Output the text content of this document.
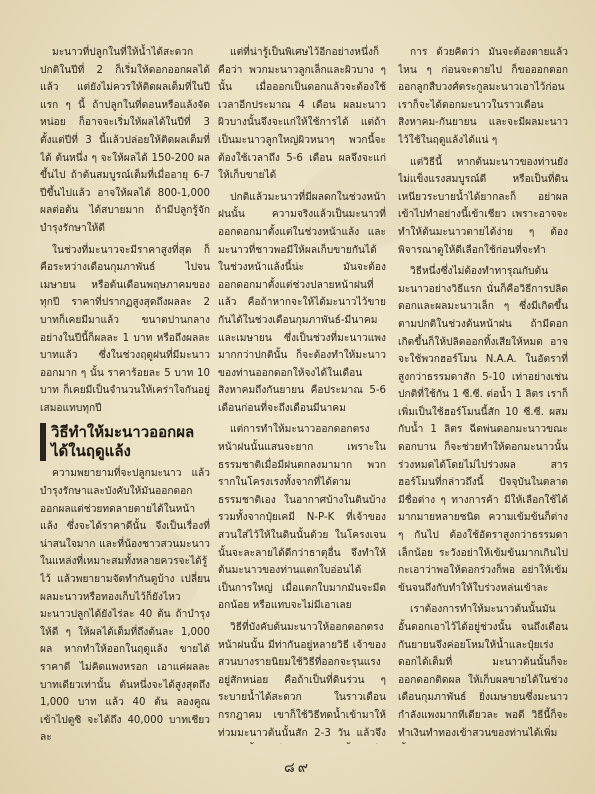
มะนาวที่ปลูกในที่ให้น้ำได้สะดวก ปกติในปีที่ 2 ก็เริ่มให้ดอกออกผลได้แล้ว แต่ยังไม่ควรให้ติดผลเต็มที่ในปีแรก ๆ นี้ ถ้าปลูกในที่ดอนหรือแล้งจัดหน่อย ก็อาจจะเริ่มให้ผลได้ในปีที่ 3 ตั้งแต่ปีที่ 3 นี้แล้วปล่อยให้ติดผลเต็มที่ได้ ต้นหนึ่ง ๆ จะให้ผลได้ 150-200 ผลขึ้นไป ถ้าต้นสมบูรณ์เต็มที่เมื่ออายุ 6-7 ปีขึ้นไปแล้ว อาจให้ผลได้ 800-1,000 ผลต่อต้น ได้สบายมาก ถ้ามีปลูกรู้จักบำรุงรักษาให้ดี

ในช่วงที่มะนาวจะมีราคาสูงที่สุด ก็คือระหว่างเดือนกุมภาพันธ์ ไปจนเมษายน หรือต้นเดือนพฤษภาคมของทุกปี ราคาที่ปรากฏสูงสุดถึงผลละ 2 บาทก็เคยมีมาแล้ว ขนาดปานกลางอย่างในปีนี้ก็ผลละ 1 บาท หรือถึงผลละบาทแล้ว ซึ่งในช่วงฤดูฝนที่มีมะนาวออกมาก ๆ นั้น ราคาร้อยละ 5 บาท 10 บาท ก็เคยมีเป็นจำนวนให้เคร่าใจกันอยู่เสมอแทบทุกปี

วิธีทำให้มะนาวออกผลได้ในฤดูแล้ง

ความพยายามที่จะปลูกมะนาว แล้วบำรุงรักษาและบังคับให้มันออกดอกออกผลแต่ช่วยทดลายตายได้ในหน้าแล้ง ซึ่งจะได้ราคาดีนั้น จึงเป็นเรื่องที่น่าสนใจมาก และที่น้องชาวสวนมะนาวในแหล่งที่เหมาะสมทั้งหลายควรจะได้รู้ไว้ แล้วพยายามจัดทำกันดูบ้าง เปลี่ยนผลมะนาวหรือทองเก็บไว้ก็ยังไหว มะนาวปลูกได้ยังไร่ละ 40 ต้น ถ้าบำรุงให้ดี ๆ ให้ผลได้เต็มที่ถึงต้นละ 1,000 ผล หากทำให้ออกในฤดูแล้ง ขายได้ราคาดี ไม่คิดแพงหรอก เอาแค่ผลละบาทเดียวเท่านั้น ต้นหนึ่งจะได้สูงสุดถึง 1,000 บาท แล้ว 40 ต้น ลองคูณเข้าไปดูซิ จะได้ถึง 40,000 บาทเชียวละ

แต่ที่น่ารู้เป็นพิเศษไว้อีกอย่างหนึ่งก็คือว่า พวกมะนาวลูกเล็กและผิวบาง ๆ นั้น เมื่อออกเป็นดอกแล้วจะต้องใช้เวลาอีกประมาณ 4 เดือน ผลมะนาวผิวบางนั้นจึงจะแก่ให้ใช้การได้ แต่ถ้าเป็นมะนาวลูกใหญ่ผิวหนาๆ พวกนี้จะต้องใช้เวลาถึง 5-6 เดือน ผลจึงจะแก่ให้เก็บขายได้

ปกติแล้วมะนาวที่มีผลดกในช่วงหน้าฝนนั้น ความจริงแล้วเป็นมะนาวที่ออกดอกมาตั้งแต่ในช่วงหน้าแล้ง และมะนาวที่ชาวพอมีให้ผลเก็บขายกันได้ในช่วงหน้าแล้งนี้น่ะ มันจะต้องออกดอกมาตั้งแต่ช่วงปลายหน้าฝนที่แล้ว คือถ้าหากจะให้ได้มะนาวไว้ขายกันได้ในช่วงเดือนกุมภาพันธ์-มีนาคมและเมษายน ซึ่งเป็นช่วงที่มะนาวแพงมากกว่าปกตินั้น ก็จะต้องทำให้มะนาวของท่านออกดอกให้จงได้ในเดือนสิงหาคมถึงกันยายน คือประมาณ 5-6 เดือนก่อนที่จะถึงเดือนมีนาคม

แต่การทำให้มะนาวออกดอกตรงหน้าฝนนั้นแสนจะยาก เพราะในธรรมชาติเมื่อมีฝนตกลงมามาก พวกรากในโครงเรงทั้งจากที่ได้ตามธรรมชาติเอง ในอากาศบ้างในดินบ้าง รวมทั้งจากปุ๋ยเคมี N-P-K ที่เจ้าของสวนใส่ไว้ให้ในดินนั้นด้วย ในโครงเจนนั้นจะละลายได้ดีกว่าธาตุอื่น จึงทำให้ต้นมะนาวของท่านแตกใบอ่อนได้เป็นการใหญ่ เมื่อแตกใบมากมันจะมีดอกน้อย หรือแทบจะไม่มีเอาเลย

วิธีที่บังคับต้นมะนาวให้ออกดอกตรงหน้าฝนนั้น มีท่ากันอยู่หลายวิธี เจ้าของสวนบางรายนิยมใช้วิธีที่ออกจะรุนแรงอยู่สักหน่อย คือถ้าเป็นที่ดินร่วน ๆ ระบายน้ำได้สะดวก ในราวเดือนกรกฎาคม เขาก็ใช้วิธีทดน้ำเข้ามาให้ท่วมมะนาวต้นนั้นสัก 2-3 วัน แล้วจึง

การ ด้วยคิดว่า มันจะต้องตายแล้ว ไหน ๆ ก่อนจะตายไป ก็ขอออกดอกออกลูกสืบวงศ์ตระกูลมะนาวเอาไว้ก่อน เราก็จะได้ดอกมะนาวในราวเดือนสิงหาคม-กันยายน และจะมีผลมะนาวไว้ใช้ในฤดูแล้งได้แน่ ๆ

แต่วิธีนี้ หากต้นมะนาวของท่านยังไม่แข็งแรงสมบูรณ์ดี หรือเป็นที่ดินเหนียวระบายน้ำได้ยากละก็ อย่าผลเข้าไปทำอย่างนี้เข้าเชียว เพราะอาจจะทำให้ต้นมะนาวตายได้ง่าย ๆ ต้องพิจารณาดูให้ดีเลือกใช้ก่อนที่จะทำ

วิธีหนึ่งซึ่งไม่ต้องทำทารุณกับต้นมะนาวอย่างวิธีแรก นั่นก็คือวิธีการปลิดดอกและผลมะนาวเล็ก ๆ ซึ่งมีเกิดขึ้นตามปกติในช่วงต้นหน้าฝน ถ้ามีดอกเกิดขึ้นก็ให้ปลิดออกทิ้งเสียให้หมด อาจจะใช้พวกฮอร์โมน N.A.A. ในอัตราที่สูงกว่าธรรมดาสัก 5-10 เท่าอย่างเช่นปกติที่ใช้กัน 1 ซี.ซี. ต่อน้ำ 1 ลิตร เราก็เพิ่มเป็นใช้ฮอร์โมนนี้สัก 10 ซี.ซี. ผสมกับน้ำ 1 ลิตร ฉีดพ่นดอกมะนาวขณะดอกบาน ก็จะช่วยทำให้ดอกมะนาวนั้นร่วงหมดได้โดยไม่ไปร่วงผล สารฮอร์โมนที่กล่าวถึงนี้ ปัจจุบันในตลาดมีชื่อต่าง ๆ ทางการค้า มีให้เลือกใช้ได้มากมายหลายชนิด ความเข้มข้นก็ต่าง ๆ กันไป ต้องใช้อัตราสูงกว่าธรรมดาเล็กน้อย ระวังอย่าให้เข้มข้นมากเกินไปกะเอาว่าพอให้ดอกร่วงก็พอ อย่าให้เข้มข้นจนถึงกับทำให้ใบร่วงหล่นเข้าละ

เราต้องการทำให้มะนาวต้นนั้นมันอั้นดอกเอาไว้ได้อยู่ช่วงนั้น จนถึงเดือนกันยายนจึงค่อยโหมให้น้ำและปุ๋ยเร่งดอกได้เต็มที่ มะนาวต้นนั้นก็จะออกดอกติดผล ให้เก็บผลขายได้ในช่วงเดือนกุมภาพันธ์ ยิ่งเมษายนซึ่งมะนาวกำลังแพงมากทีเดียวละ พอดี วิธีนี้ก็จะทำเงินทำทองเข้าสวนของท่านได้เพิ่ม

๘๙
